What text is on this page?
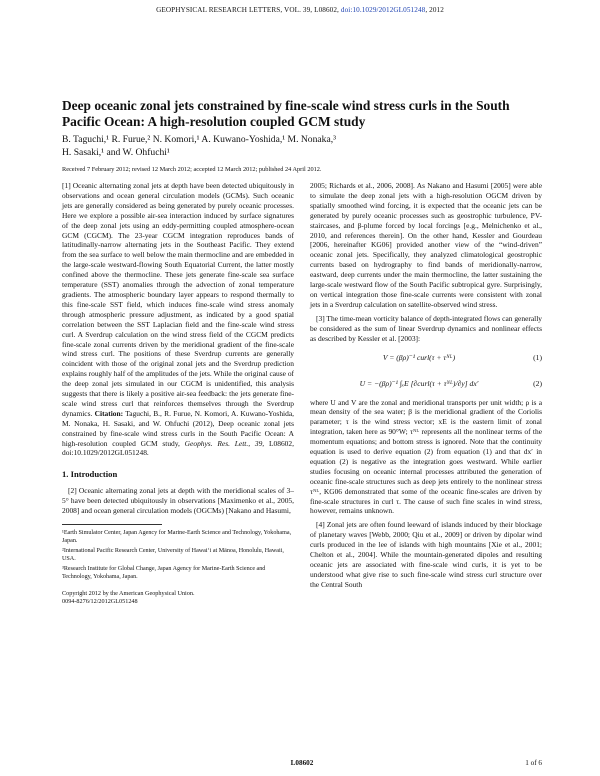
GEOPHYSICAL RESEARCH LETTERS, VOL. 39, L08602, doi:10.1029/2012GL051248, 2012
Deep oceanic zonal jets constrained by fine-scale wind stress curls in the South Pacific Ocean: A high-resolution coupled GCM study
B. Taguchi,¹ R. Furue,² N. Komori,¹ A. Kuwano-Yoshida,¹ M. Nonaka,³
H. Sasaki,¹ and W. Ohfuchi¹
Received 7 February 2012; revised 12 March 2012; accepted 12 March 2012; published 24 April 2012.

[1] Oceanic alternating zonal jets at depth have been detected ubiquitously in observations and ocean general circulation models (GCMs). Such oceanic jets are generally considered as being generated by purely oceanic processes. Here we explore a possible air-sea interaction induced by surface signatures of the deep zonal jets using an eddy-permitting coupled atmosphere-ocean GCM (CGCM). The 23-year CGCM integration reproduces bands of latitudinally-narrow alternating jets in the Southeast Pacific. They extend from the sea surface to well below the main thermocline and are embedded in the large-scale westward-flowing South Equatorial Current, the latter mostly confined above the thermocline. These jets generate fine-scale sea surface temperature (SST) anomalies through the advection of zonal temperature gradients. The atmospheric boundary layer appears to respond thermally to this fine-scale SST field, which induces fine-scale wind stress anomaly through atmospheric pressure adjustment, as indicated by a good spatial correlation between the SST Laplacian field and the fine-scale wind stress curl. A Sverdrup calculation on the wind stress field of the CGCM predicts fine-scale zonal currents driven by the meridional gradient of the fine-scale wind stress curl. The positions of these Sverdrup currents are generally coincident with those of the original zonal jets and the Sverdrup prediction explains roughly half of the amplitudes of the jets. While the original cause of the deep zonal jets simulated in our CGCM is unidentified, this analysis suggests that there is likely a positive air-sea feedback: the jets generate fine-scale wind stress curl that reinforces themselves through the Sverdrup dynamics. Citation: Taguchi, B., R. Furue, N. Komori, A. Kuwano-Yoshida, M. Nonaka, H. Sasaki, and W. Ohfuchi (2012), Deep oceanic zonal jets constrained by fine-scale wind stress curls in the South Pacific Ocean: A high-resolution coupled GCM study, Geophys. Res. Lett., 39, L08602, doi:10.1029/2012GL051248.

1. Introduction

[2] Oceanic alternating zonal jets at depth with the meridional scales of 3–5° have been detected ubiquitously in observations [Maximenko et al., 2005, 2008] and ocean general circulation models (OGCMs) [Nakano and Hasumi,

¹Earth Simulator Center, Japan Agency for Marine-Earth Science and Technology, Yokohama, Japan.

²International Pacific Research Center, University of Hawai‘i at Mānoa, Honolulu, Hawaii, USA.

³Research Institute for Global Change, Japan Agency for Marine-Earth Science and Technology, Yokohama, Japan.

Copyright 2012 by the American Geophysical Union.
0094-8276/12/2012GL051248

2005; Richards et al., 2006, 2008]. As Nakano and Hasumi [2005] were able to simulate the deep zonal jets with a high-resolution OGCM driven by spatially smoothed wind forcing, it is expected that the oceanic jets can be generated by purely oceanic processes such as geostrophic turbulence, PV-staircases, and β-plume forced by local forcings [e.g., Melnichenko et al., 2010, and references therein]. On the other hand, Kessler and Gourdeau [2006, hereinafter KG06] provided another view of the “wind-driven” oceanic zonal jets. Specifically, they analyzed climatological geostrophic currents based on hydrography to find bands of meridionally-narrow, eastward, deep currents under the main thermocline, the latter sustaining the large-scale westward flow of the South Pacific subtropical gyre. Surprisingly, on vertical integration those fine-scale currents were consistent with zonal jets in a Sverdrup calculation on satellite-observed wind stress.

[3] The time-mean vorticity balance of depth-integrated flows can generally be considered as the sum of linear Sverdrup dynamics and nonlinear effects as described by Kessler et al. [2003]:

V = (βρ)⁻¹ curl(τ + τᴺᴸ)	(1)
U = −(βρ)⁻¹ ∫ₓE [∂curl(τ + τᴺᴸ)/∂y] dx′	(2)

where U and V are the zonal and meridional transports per unit width; ρ is a mean density of the sea water; β is the meridional gradient of the Coriolis parameter; τ is the wind stress vector; xE is the eastern limit of zonal integration, taken here as 90°W; τᴺᴸ represents all the nonlinear terms of the momentum equations; and bottom stress is ignored. Note that the continuity equation is used to derive equation (2) from equation (1) and that dx′ in equation (2) is negative as the integration goes westward. While earlier studies focusing on oceanic internal processes attributed the generation of oceanic fine-scale structures such as deep jets entirely to the nonlinear stress τᴺᴸ, KG06 demonstrated that some of the oceanic fine-scales are driven by fine-scale structures in curl τ. The cause of such fine scales in wind stress, however, remains unknown.

[4] Zonal jets are often found leeward of islands induced by their blockage of planetary waves [Webb, 2000; Qiu et al., 2009] or driven by dipolar wind curls produced in the lee of islands with high mountains [Xie et al., 2001; Chelton et al., 2004]. While the mountain-generated dipoles and resulting oceanic jets are associated with fine-scale wind curls, it is yet to be understood what give rise to such fine-scale wind stress curl structure over the Central South

L08602	1 of 6
